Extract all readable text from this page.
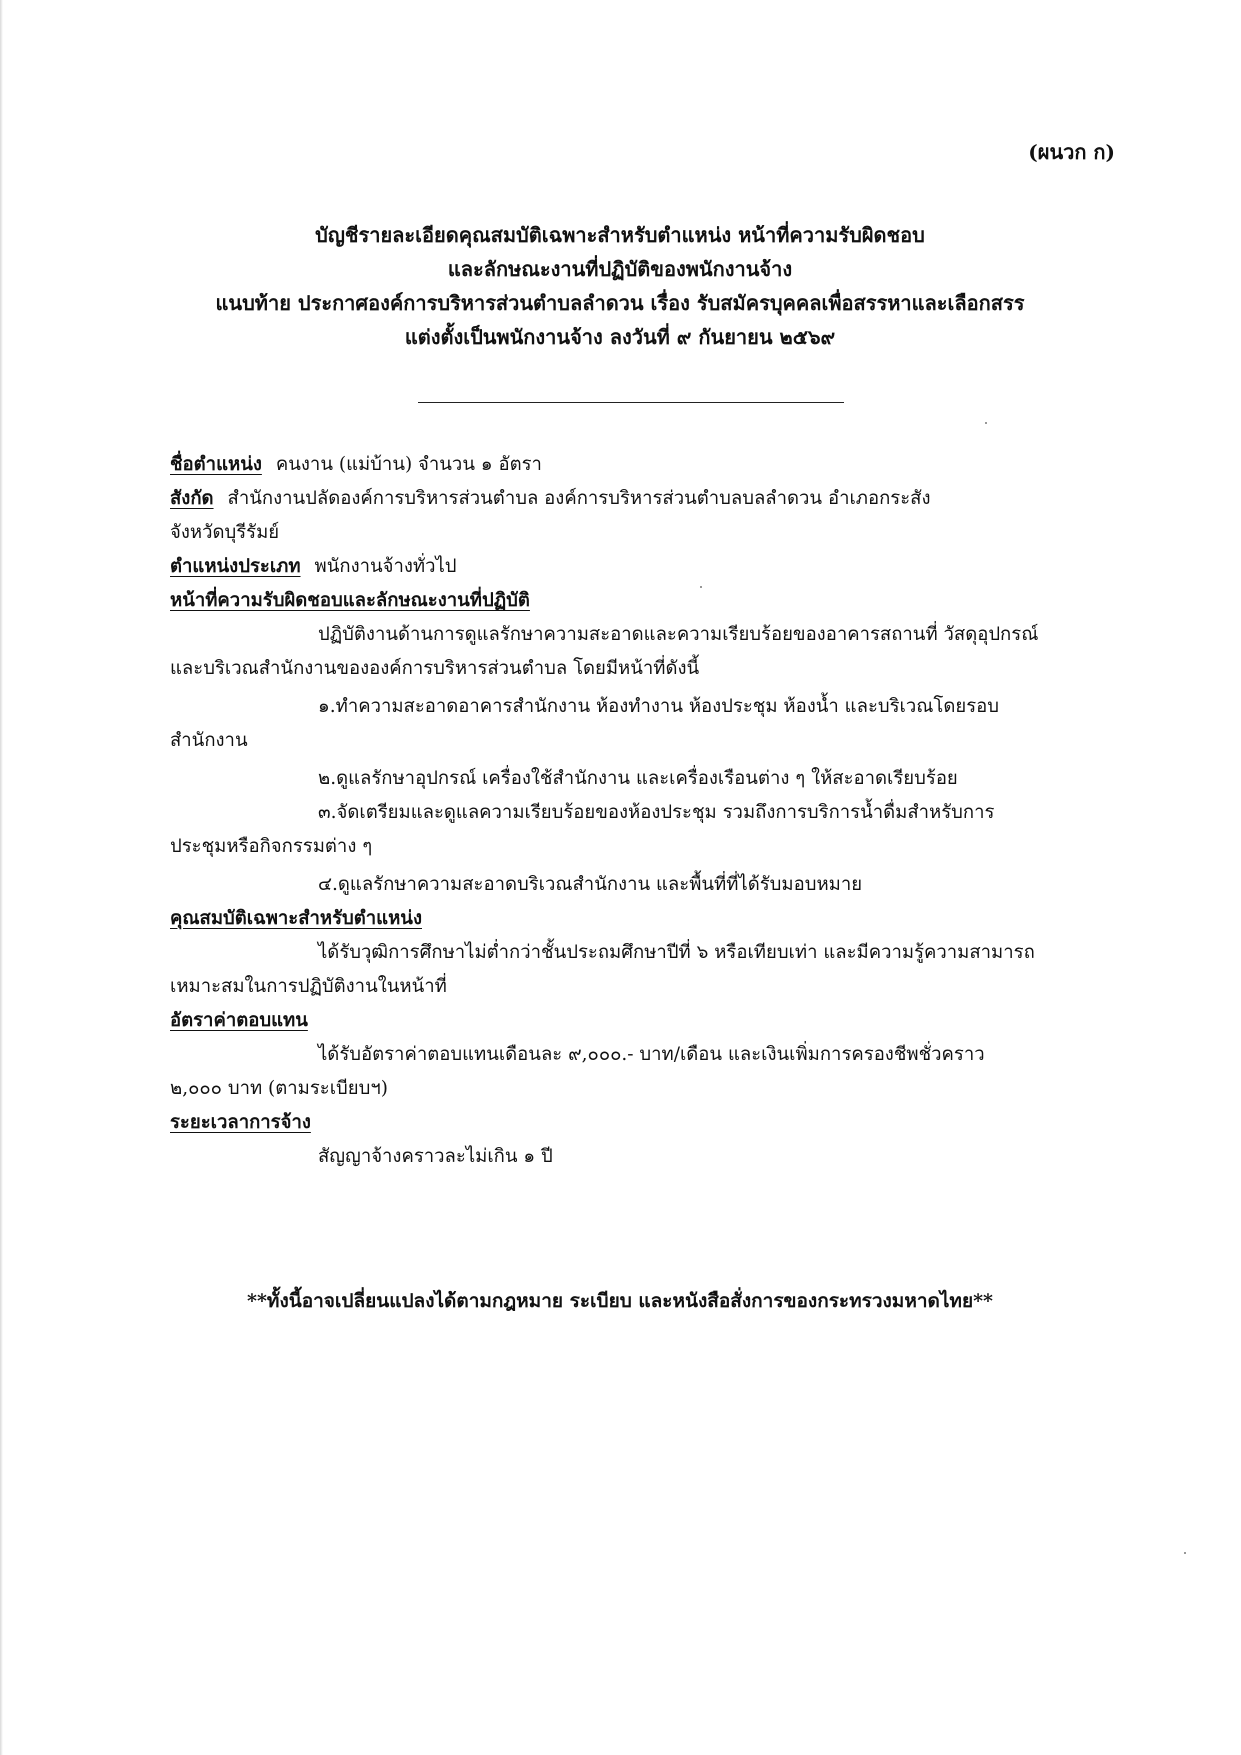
(ผนวก ก)
บัญชีรายละเอียดคุณสมบัติเฉพาะสำหรับตำแหน่ง หน้าที่ความรับผิดชอบ
และลักษณะงานที่ปฏิบัติของพนักงานจ้าง
แนบท้าย ประกาศองค์การบริหารส่วนตำบลลำดวน เรื่อง รับสมัครบุคคลเพื่อสรรหาและเลือกสรร
แต่งตั้งเป็นพนักงานจ้าง ลงวันที่ ๙ กันยายน ๒๕๖๙
ชื่อตำแหน่ง คนงาน (แม่บ้าน) จำนวน ๑ อัตรา
สังกัด สำนักงานปลัดองค์การบริหารส่วนตำบล องค์การบริหารส่วนตำบลบลลำดวน อำเภอกระสัง
จังหวัดบุรีรัมย์
ตำแหน่งประเภท พนักงานจ้างทั่วไป
หน้าที่ความรับผิดชอบและลักษณะงานที่ปฏิบัติ
ปฏิบัติงานด้านการดูแลรักษาความสะอาดและความเรียบร้อยของอาคารสถานที่ วัสดุอุปกรณ์
และบริเวณสำนักงานขององค์การบริหารส่วนตำบล โดยมีหน้าที่ดังนี้
๑.ทำความสะอาดอาคารสำนักงาน ห้องทำงาน ห้องประชุม ห้องน้ำ และบริเวณโดยรอบ
สำนักงาน
๒.ดูแลรักษาอุปกรณ์ เครื่องใช้สำนักงาน และเครื่องเรือนต่าง ๆ ให้สะอาดเรียบร้อย
๓.จัดเตรียมและดูแลความเรียบร้อยของห้องประชุม รวมถึงการบริการน้ำดื่มสำหรับการ
ประชุมหรือกิจกรรมต่าง ๆ
๔.ดูแลรักษาความสะอาดบริเวณสำนักงาน และพื้นที่ที่ได้รับมอบหมาย
คุณสมบัติเฉพาะสำหรับตำแหน่ง
ได้รับวุฒิการศึกษาไม่ต่ำกว่าชั้นประถมศึกษาปีที่ ๖ หรือเทียบเท่า และมีความรู้ความสามารถ
เหมาะสมในการปฏิบัติงานในหน้าที่
อัตราค่าตอบแทน
ได้รับอัตราค่าตอบแทนเดือนละ ๙,๐๐๐.- บาท/เดือน และเงินเพิ่มการครองชีพชั่วคราว
๒,๐๐๐ บาท (ตามระเบียบฯ)
ระยะเวลาการจ้าง
สัญญาจ้างคราวละไม่เกิน ๑ ปี
**ทั้งนี้อาจเปลี่ยนแปลงได้ตามกฎหมาย ระเบียบ และหนังสือสั่งการของกระทรวงมหาดไทย**
